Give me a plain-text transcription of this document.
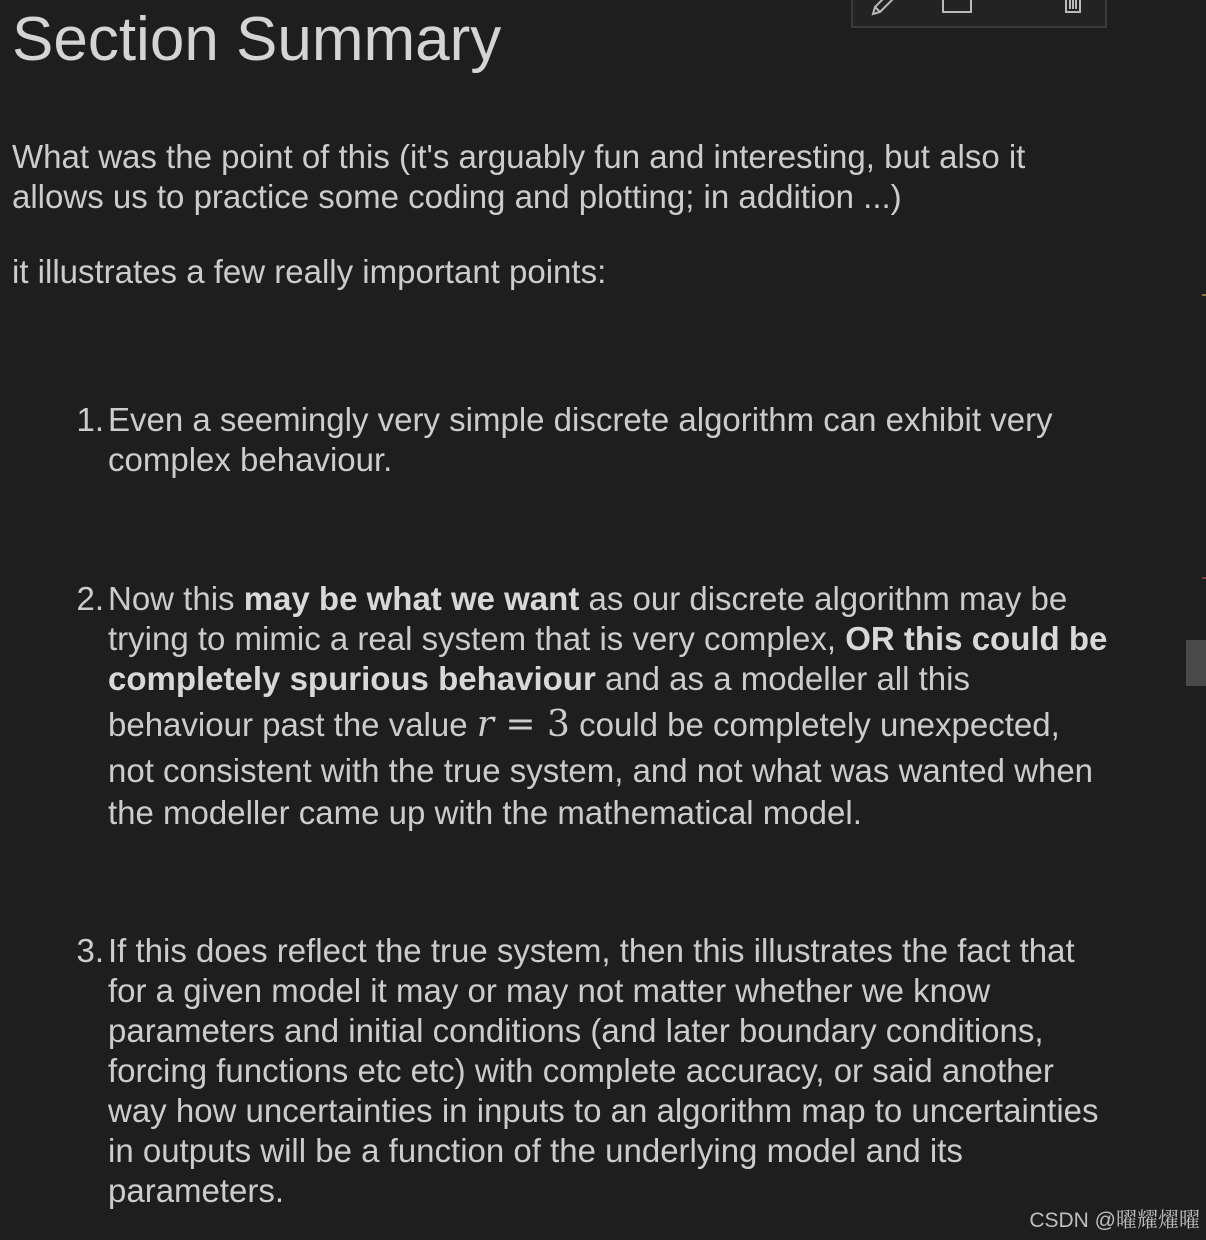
Section Summary

What was the point of this (it's arguably fun and interesting, but also it
allows us to practice some coding and plotting; in addition ...)

it illustrates a few really important points:

1. Even a seemingly very simple discrete algorithm can exhibit very
complex behaviour.
2. Now this may be what we want as our discrete algorithm may be
trying to mimic a real system that is very complex, OR this could be
completely spurious behaviour and as a modeller all this
behaviour past the value r = 3 could be completely unexpected,
not consistent with the true system, and not what was wanted when
the modeller came up with the mathematical model.
3. If this does reflect the true system, then this illustrates the fact that
for a given model it may or may not matter whether we know
parameters and initial conditions (and later boundary conditions,
forcing functions etc etc) with complete accuracy, or said another
way how uncertainties in inputs to an algorithm map to uncertainties
in outputs will be a function of the underlying model and its
parameters.
CSDN @曜耀燿曜
